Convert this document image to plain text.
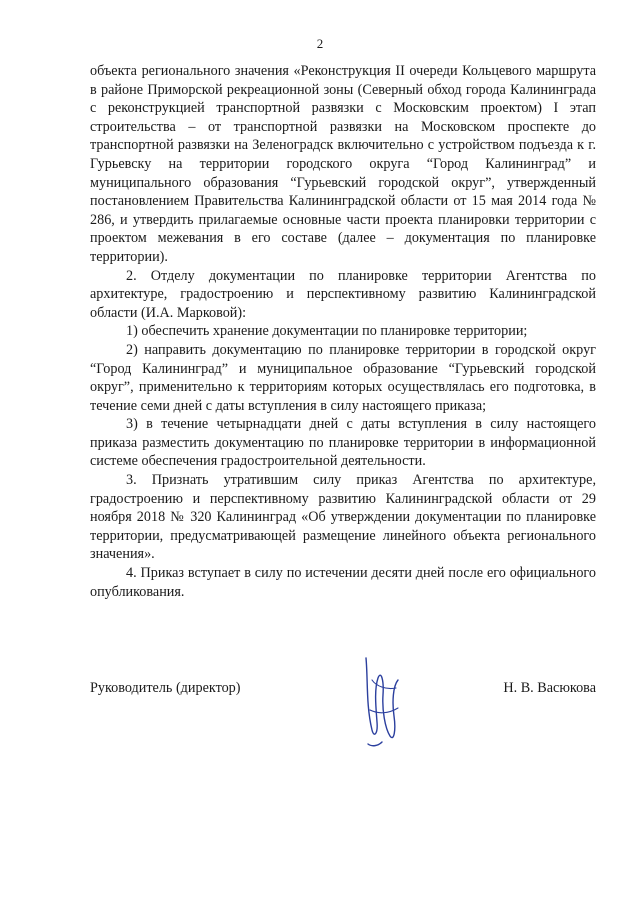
2

объекта регионального значения «Реконструкция II очереди Кольцевого маршрута в районе Приморской рекреационной зоны (Северный обход города Калининграда с реконструкцией транспортной развязки с Московским проектом) I этап строительства – от транспортной развязки на Московском проспекте до транспортной развязки на Зеленоградск включительно с устройством подъезда к г. Гурьевску на территории городского округа “Город Калининград” и муниципального образования “Гурьевский городской округ”, утвержденный постановлением Правительства Калининградской области от 15 мая 2014 года № 286, и утвердить прилагаемые основные части проекта планировки территории с проектом межевания в его составе (далее – документация по планировке территории).

2. Отделу документации по планировке территории Агентства по архитектуре, градостроению и перспективному развитию Калининградской области (И.А. Марковой):

1) обеспечить хранение документации по планировке территории;

2) направить документацию по планировке территории в городской округ “Город Калининград” и муниципальное образование “Гурьевский городской округ”, применительно к территориям которых осуществлялась его подготовка, в течение семи дней с даты вступления в силу настоящего приказа;

3) в течение четырнадцати дней с даты вступления в силу настоящего приказа разместить документацию по планировке территории в информационной системе обеспечения градостроительной деятельности.

3. Признать утратившим силу приказ Агентства по архитектуре, градостроению и перспективному развитию Калининградской области от 29 ноября 2018 № 320 Калининград «Об утверждении документации по планировке территории, предусматривающей размещение линейного объекта регионального значения».

4. Приказ вступает в силу по истечении десяти дней после его официального опубликования.

Руководитель (директор)	Н. В. Васюкова
